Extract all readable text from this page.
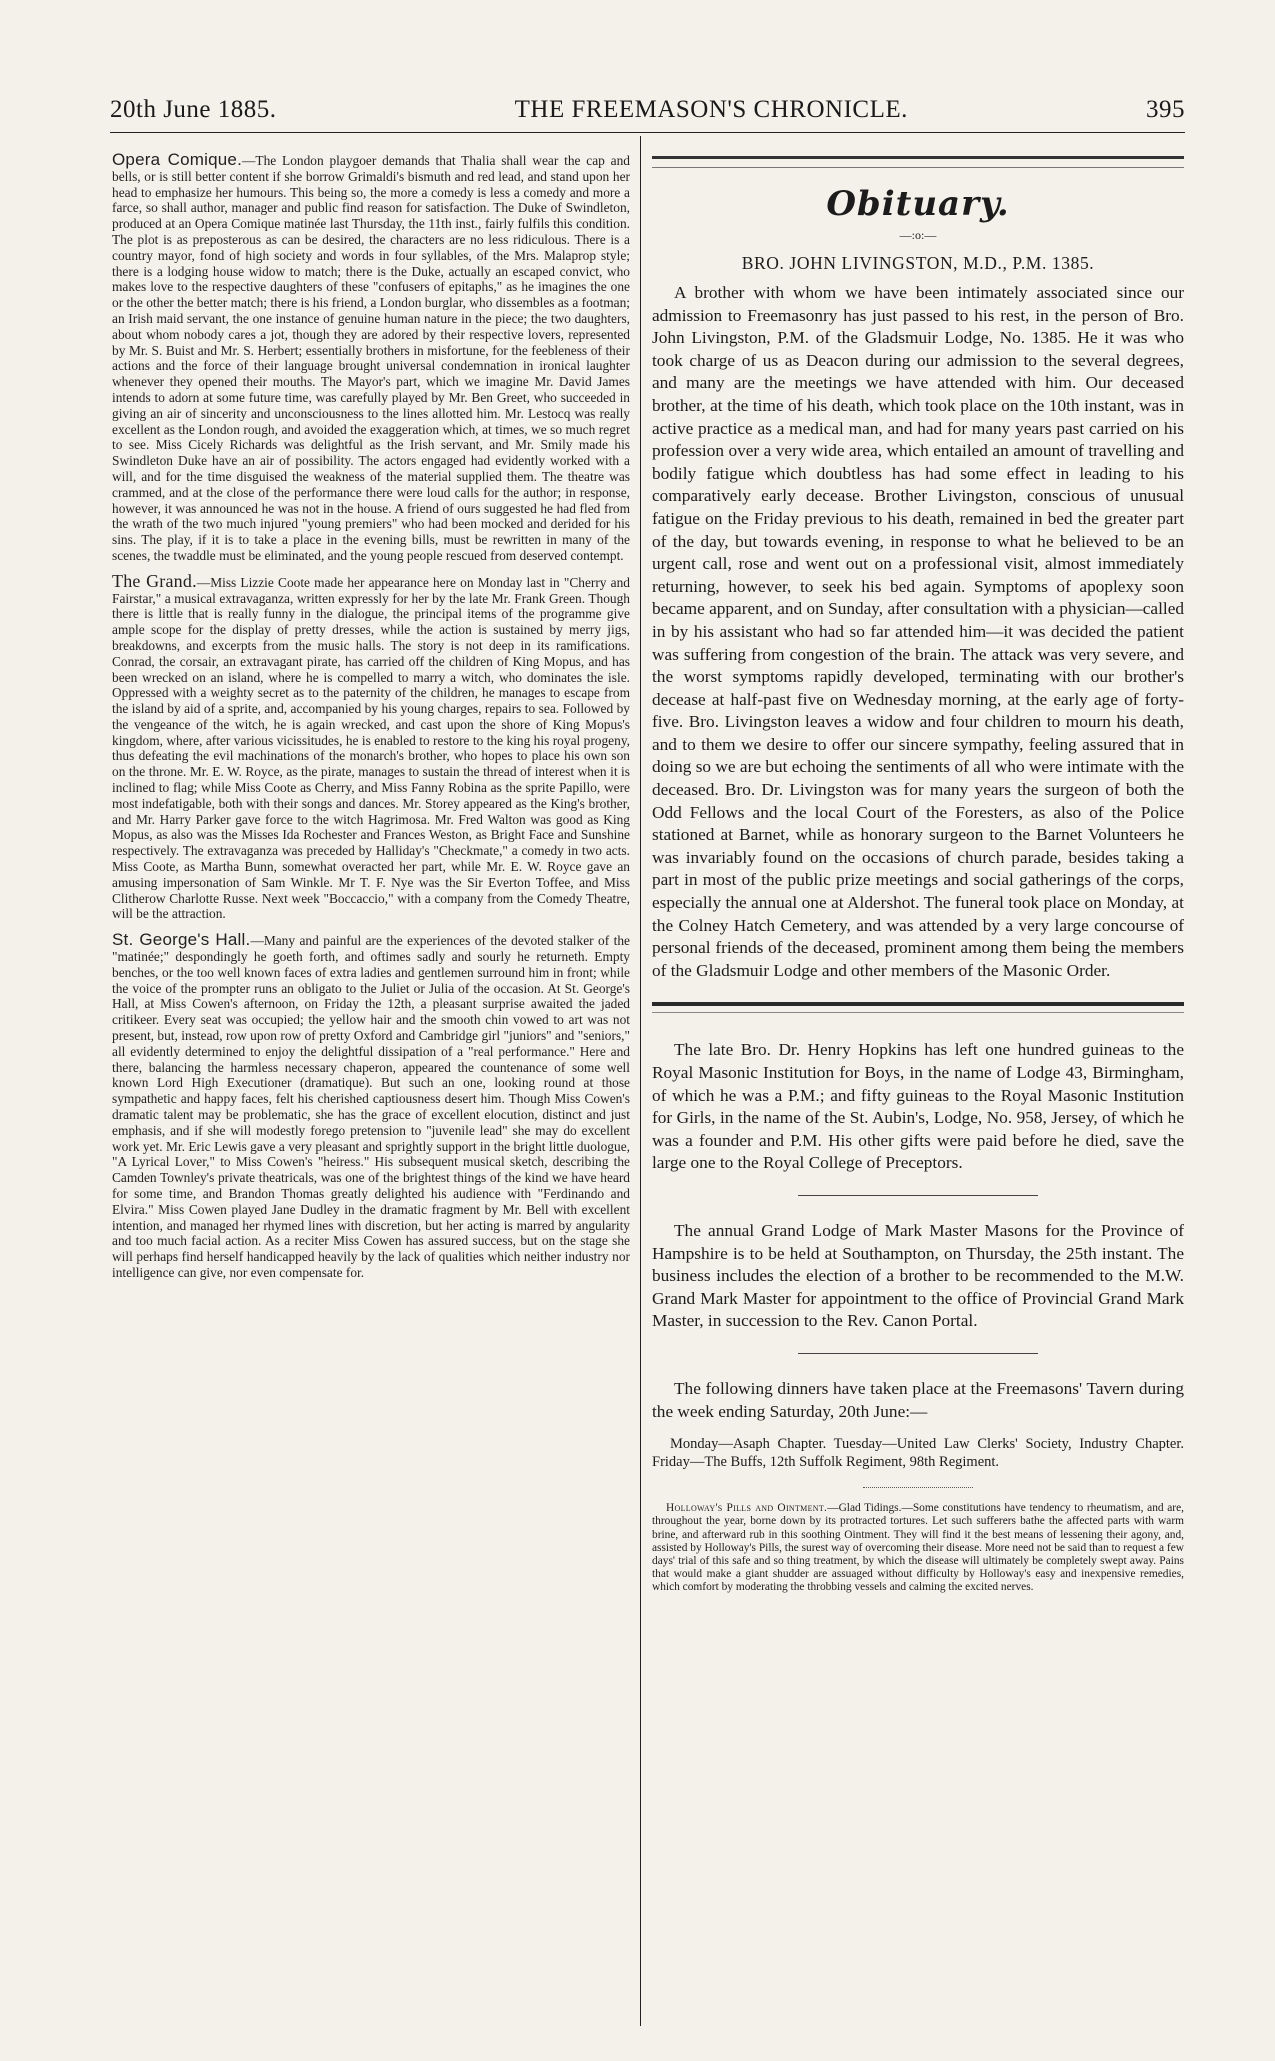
20th June 1885.	THE FREEMASON'S CHRONICLE.	395

Opera Comique.—The London playgoer demands that Thalia shall wear the cap and bells, or is still better content if she borrow Grimaldi's bismuth and red lead, and stand upon her head to emphasize her humours. This being so, the more a comedy is less a comedy and more a farce, so shall author, manager and public find reason for satisfaction. The Duke of Swindleton, produced at an Opera Comique matinée last Thursday, the 11th inst., fairly fulfils this condition. The plot is as preposterous as can be desired, the characters are no less ridiculous. There is a country mayor, fond of high society and words in four syllables, of the Mrs. Malaprop style; there is a lodging house widow to match; there is the Duke, actually an escaped convict, who makes love to the respective daughters of these "confusers of epitaphs," as he imagines the one or the other the better match; there is his friend, a London burglar, who dissembles as a footman; an Irish maid servant, the one instance of genuine human nature in the piece; the two daughters, about whom nobody cares a jot, though they are adored by their respective lovers, represented by Mr. S. Buist and Mr. S. Herbert; essentially brothers in misfortune, for the feebleness of their actions and the force of their language brought universal condemnation in ironical laughter whenever they opened their mouths. The Mayor's part, which we imagine Mr. David James intends to adorn at some future time, was carefully played by Mr. Ben Greet, who succeeded in giving an air of sincerity and unconsciousness to the lines allotted him. Mr. Lestocq was really excellent as the London rough, and avoided the exaggeration which, at times, we so much regret to see. Miss Cicely Richards was delightful as the Irish servant, and Mr. Smily made his Swindleton Duke have an air of possibility. The actors engaged had evidently worked with a will, and for the time disguised the weakness of the material supplied them. The theatre was crammed, and at the close of the performance there were loud calls for the author; in response, however, it was announced he was not in the house. A friend of ours suggested he had fled from the wrath of the two much injured "young premiers" who had been mocked and derided for his sins. The play, if it is to take a place in the evening bills, must be rewritten in many of the scenes, the twaddle must be eliminated, and the young people rescued from deserved contempt.

The Grand.—Miss Lizzie Coote made her appearance here on Monday last in "Cherry and Fairstar," a musical extravaganza, written expressly for her by the late Mr. Frank Green. Though there is little that is really funny in the dialogue, the principal items of the programme give ample scope for the display of pretty dresses, while the action is sustained by merry jigs, breakdowns, and excerpts from the music halls. The story is not deep in its ramifications. Conrad, the corsair, an extravagant pirate, has carried off the children of King Mopus, and has been wrecked on an island, where he is compelled to marry a witch, who dominates the isle. Oppressed with a weighty secret as to the paternity of the children, he manages to escape from the island by aid of a sprite, and, accompanied by his young charges, repairs to sea. Followed by the vengeance of the witch, he is again wrecked, and cast upon the shore of King Mopus's kingdom, where, after various vicissitudes, he is enabled to restore to the king his royal progeny, thus defeating the evil machinations of the monarch's brother, who hopes to place his own son on the throne. Mr. E. W. Royce, as the pirate, manages to sustain the thread of interest when it is inclined to flag; while Miss Coote as Cherry, and Miss Fanny Robina as the sprite Papillo, were most indefatigable, both with their songs and dances. Mr. Storey appeared as the King's brother, and Mr. Harry Parker gave force to the witch Hagrimosa. Mr. Fred Walton was good as King Mopus, as also was the Misses Ida Rochester and Frances Weston, as Bright Face and Sunshine respectively. The extravaganza was preceded by Halliday's "Checkmate," a comedy in two acts. Miss Coote, as Martha Bunn, somewhat overacted her part, while Mr. E. W. Royce gave an amusing impersonation of Sam Winkle. Mr T. F. Nye was the Sir Everton Toffee, and Miss Clitherow Charlotte Russe. Next week "Boccaccio," with a company from the Comedy Theatre, will be the attraction.

St. George's Hall.—Many and painful are the experiences of the devoted stalker of the "matinée;" despondingly he goeth forth, and oftimes sadly and sourly he returneth. Empty benches, or the too well known faces of extra ladies and gentlemen surround him in front; while the voice of the prompter runs an obligato to the Juliet or Julia of the occasion. At St. George's Hall, at Miss Cowen's afternoon, on Friday the 12th, a pleasant surprise awaited the jaded critikeer. Every seat was occupied; the yellow hair and the smooth chin vowed to art was not present, but, instead, row upon row of pretty Oxford and Cambridge girl "juniors" and "seniors," all evidently determined to enjoy the delightful dissipation of a "real performance." Here and there, balancing the harmless necessary chaperon, appeared the countenance of some well known Lord High Executioner (dramatique). But such an one, looking round at those sympathetic and happy faces, felt his cherished captiousness desert him. Though Miss Cowen's dramatic talent may be problematic, she has the grace of excellent elocution, distinct and just emphasis, and if she will modestly forego pretension to "juvenile lead" she may do excellent work yet. Mr. Eric Lewis gave a very pleasant and sprightly support in the bright little duologue, "A Lyrical Lover," to Miss Cowen's "heiress." His subsequent musical sketch, describing the Camden Townley's private theatricals, was one of the brightest things of the kind we have heard for some time, and Brandon Thomas greatly delighted his audience with "Ferdinando and Elvira." Miss Cowen played Jane Dudley in the dramatic fragment by Mr. Bell with excellent intention, and managed her rhymed lines with discretion, but her acting is marred by angularity and too much facial action. As a reciter Miss Cowen has assured success, but on the stage she will perhaps find herself handicapped heavily by the lack of qualities which neither industry nor intelligence can give, nor even compensate for.

Obituary.
—:o:—
BRO. JOHN LIVINGSTON, M.D., P.M. 1385.

A brother with whom we have been intimately associated since our admission to Freemasonry has just passed to his rest, in the person of Bro. John Livingston, P.M. of the Gladsmuir Lodge, No. 1385. He it was who took charge of us as Deacon during our admission to the several degrees, and many are the meetings we have attended with him. Our deceased brother, at the time of his death, which took place on the 10th instant, was in active practice as a medical man, and had for many years past carried on his profession over a very wide area, which entailed an amount of travelling and bodily fatigue which doubtless has had some effect in leading to his comparatively early decease. Brother Livingston, conscious of unusual fatigue on the Friday previous to his death, remained in bed the greater part of the day, but towards evening, in response to what he believed to be an urgent call, rose and went out on a professional visit, almost immediately returning, however, to seek his bed again. Symptoms of apoplexy soon became apparent, and on Sunday, after consultation with a physician—called in by his assistant who had so far attended him—it was decided the patient was suffering from congestion of the brain. The attack was very severe, and the worst symptoms rapidly developed, terminating with our brother's decease at half-past five on Wednesday morning, at the early age of forty-five. Bro. Livingston leaves a widow and four children to mourn his death, and to them we desire to offer our sincere sympathy, feeling assured that in doing so we are but echoing the sentiments of all who were intimate with the deceased. Bro. Dr. Livingston was for many years the surgeon of both the Odd Fellows and the local Court of the Foresters, as also of the Police stationed at Barnet, while as honorary surgeon to the Barnet Volunteers he was invariably found on the occasions of church parade, besides taking a part in most of the public prize meetings and social gatherings of the corps, especially the annual one at Aldershot. The funeral took place on Monday, at the Colney Hatch Cemetery, and was attended by a very large concourse of personal friends of the deceased, prominent among them being the members of the Gladsmuir Lodge and other members of the Masonic Order.

The late Bro. Dr. Henry Hopkins has left one hundred guineas to the Royal Masonic Institution for Boys, in the name of Lodge 43, Birmingham, of which he was a P.M.; and fifty guineas to the Royal Masonic Institution for Girls, in the name of the St. Aubin's, Lodge, No. 958, Jersey, of which he was a founder and P.M. His other gifts were paid before he died, save the large one to the Royal College of Preceptors.

The annual Grand Lodge of Mark Master Masons for the Province of Hampshire is to be held at Southampton, on Thursday, the 25th instant. The business includes the election of a brother to be recommended to the M.W. Grand Mark Master for appointment to the office of Provincial Grand Mark Master, in succession to the Rev. Canon Portal.

The following dinners have taken place at the Freemasons' Tavern during the week ending Saturday, 20th June:—

Monday—Asaph Chapter. Tuesday—United Law Clerks' Society, Industry Chapter. Friday—The Buffs, 12th Suffolk Regiment, 98th Regiment.

Holloway's Pills and Ointment.—Glad Tidings.—Some constitutions have tendency to rheumatism, and are, throughout the year, borne down by its protracted tortures. Let such sufferers bathe the affected parts with warm brine, and afterward rub in this soothing Ointment. They will find it the best means of lessening their agony, and, assisted by Holloway's Pills, the surest way of overcoming their disease. More need not be said than to request a few days' trial of this safe and so thing treatment, by which the disease will ultimately be completely swept away. Pains that would make a giant shudder are assuaged without difficulty by Holloway's easy and inexpensive remedies, which comfort by moderating the throbbing vessels and calming the excited nerves.
